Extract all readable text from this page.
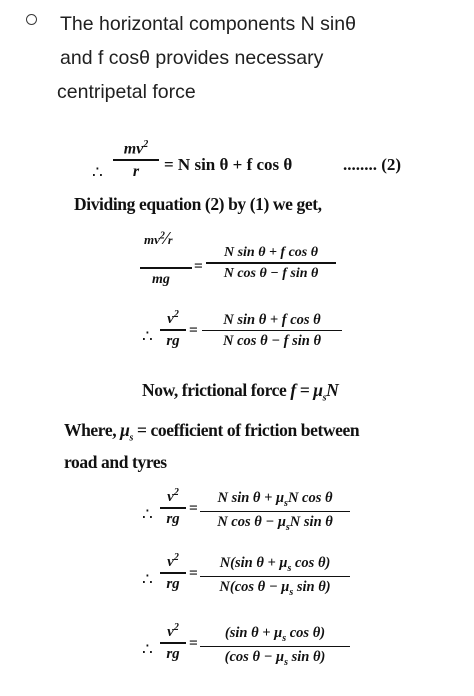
The horizontal components N sinθ
and f cosθ provides necessary
centripetal force

∴
$mv^2$
r = N sin θ + f cos θ	........ (2)
Dividing equation (2) by (1) we get,
$mv^2⁄r$
mg
=
N sin θ + f cos θ
N cos θ − f sin θ
∴
$v^2$
rg
=
N sin θ + f cos θ
N cos θ − f sin θ
Now, frictional force $f = \mu_sN$
Where, $\mu_s$ = coefficient of friction between
road and tyres
∴
$v^2$
rg
=
N $\sin \theta + \mu_sN$ cos θ
N $\cos \theta - \mu_sN$ sin θ
∴
$v^2$
rg
=
N(sin $\theta + \mu_s$ cos θ)
N(cos $\theta - \mu_s$ sin θ)
∴
$v^2$
rg
=
(sin $\theta + \mu_s$ cos θ)
(cos $\theta - \mu_s$ sin θ)
